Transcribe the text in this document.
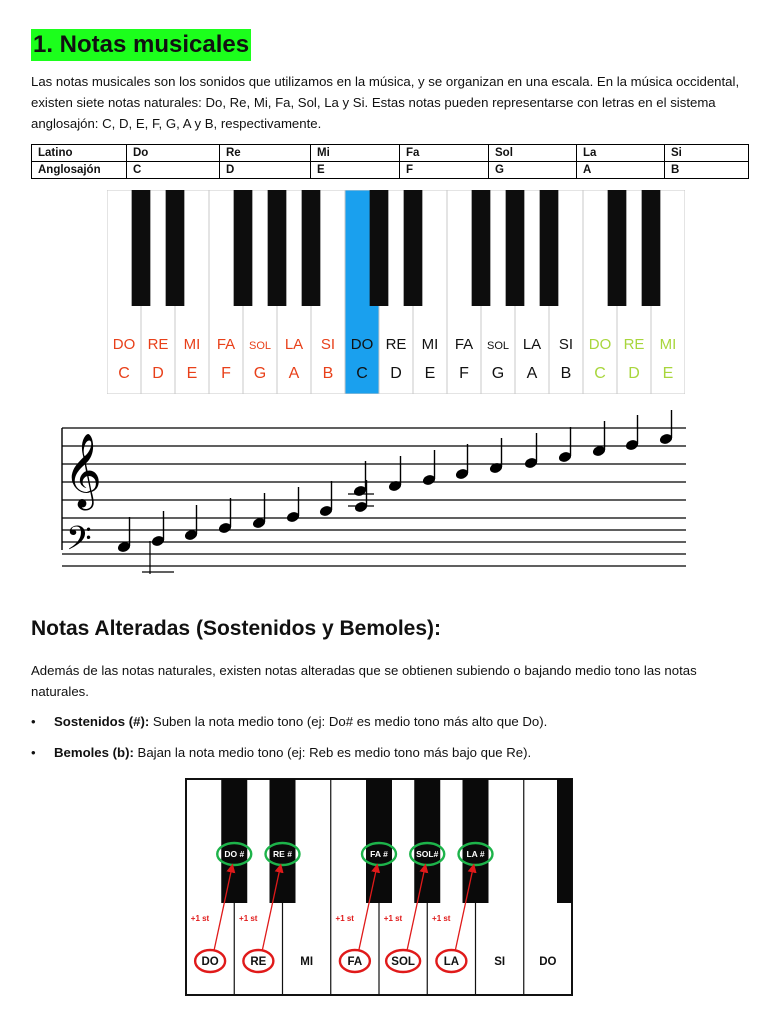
1. Notas musicales

Las notas musicales son los sonidos que utilizamos en la música, y se organizan en una escala. En la música occidental, existen siete notas naturales: Do, Re, Mi, Fa, Sol, La y Si. Estas notas pueden representarse con letras en el sistema anglosajón: C, D, E, F, G, A y B, respectivamente.

Latino	Do	Re	Mi	Fa	Sol	La	Si
Anglosajón	C	D	E	F	G	A	B
DO
C
RE
D
MI
E
FA
F
SOL
G
LA
A
SI
B
DO
C
RE
D
MI
E
FA
F
SOL
G
LA
A
SI
B
DO
C
RE
D
MI
E
𝄞
𝄢
Notas Alteradas (Sostenidos y Bemoles):

Además de las notas naturales, existen notas alteradas que se obtienen subiendo o bajando medio tono las notas naturales.

• Sostenidos (#): Suben la nota medio tono (ej: Do# es medio tono más alto que Do).
• Bemoles (b): Bajan la nota medio tono (ej: Reb es medio tono más bajo que Re).
DO #	RE #	FA #	SOL#	LA #
DO	RE	MI	FA	SOL	LA	SI	DO
+1 st	+1 st	+1 st	+1 st	+1 st
